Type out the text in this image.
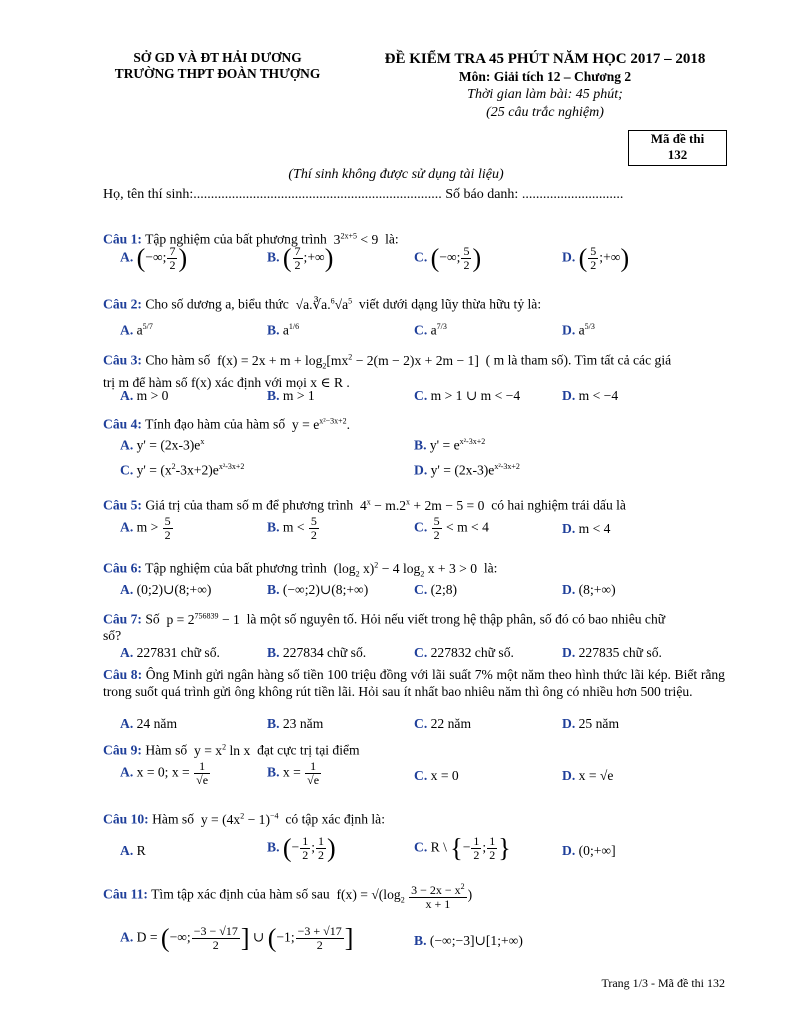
SỞ GD VÀ ĐT HẢI DƯƠNG
TRƯỜNG THPT ĐOÀN THƯỢNG
ĐỀ KIỂM TRA 45 PHÚT NĂM HỌC 2017 – 2018
Môn: Giải tích 12 – Chương 2
Thời gian làm bài: 45 phút;
(25 câu trắc nghiệm)
Mã đề thi
132
(Thí sinh không được sử dụng tài liệu)
Họ, tên thí sinh:....................................................................... Số báo danh: .............................
Câu 1: Tập nghiệm của bất phương trình  $3^{2x+5} < 9$  là:
A. (−∞; $\frac{7}{2}$ )	B. ( $\frac{7}{2}$ ;+∞)	C. (−∞; $\frac{5}{2}$ )	D. ( $\frac{5}{2}$ ;+∞)
Câu 2: Cho số dương a, biểu thức  $√a.∛a.^6√a^5$ viết dưới dạng lũy thừa hữu tỷ là:
A. $a^{5/7}$	B. $a^{1/6}$	C. $a^{7/3}$	D. $a^{5/3}$
Câu 3: Cho hàm số  $f(x) = 2x + m + \log_2[mx^2 - 2(m - 2)x + 2m - 1]$  ( m là tham số). Tìm tất cả các giá
trị m để hàm số f(x) xác định với mọi x ∈ R .
A. m > 0	B. m > 1	C. m > 1 ∪ m < −4	D. m < −4
Câu 4: Tính đạo hàm của hàm số  $y = e^{x^2-3x+2}$.
A. $y' = (2x-3)e^x$	B. $y' = e^{x^2-3x+2}$
C. $y' = (x^2-3x+2)e^{x^2-3x+2}$	D. $y' = (2x-3)e^{x^2-3x+2}$
Câu 5: Giá trị của tham số m để phương trình  $4^x - m.2^x + 2m - 5 = 0$  có hai nghiệm trái dấu là
A. $m > \frac{5}{2}$	B. $m < \frac{5}{2}$	C. $\frac{5}{2} < m < 4$	D. m < 4
Câu 6: Tập nghiệm của bất phương trình  ($\log_2$ x)$^2$ − 4 $\log_2 x + 3 > 0$  là:
A. (0;2)∪(8;+∞)	B. (−∞;2)∪(8;+∞)	C. (2;8)	D. (8;+∞)
Câu 7: Số  $p = 2^{756839} - 1$  là một số nguyên tố. Hỏi nếu viết trong hệ thập phân, số đó có bao nhiêu chữ
số?
A. 227831 chữ số.	B. 227834 chữ số.	C. 227832 chữ số.	D. 227835 chữ số.
Câu 8: Ông Minh gửi ngân hàng số tiền 100 triệu đồng với lãi suất 7% một năm theo hình thức lãi kép. Biết rằng trong suốt quá trình gửi ông không rút tiền lãi. Hỏi sau ít nhất bao nhiêu năm thì ông có nhiều hơn 500 triệu.
A. 24 năm	B. 23 năm	C. 22 năm	D. 25 năm
Câu 9: Hàm số  $y = x^2$ ln x  đạt cực trị tại điểm
A. x = 0; $x = \frac{1}{√e}$	B. $x = \frac{1}{√e}$	C. x = 0	D. x = √e
Câu 10: Hàm số  $y = (4x^2 - 1)^{-4}$ có tập xác định là:
A. R	B. (− $\frac{1}{2}$ ; $\frac{1}{2}$ )	C. R \ {− $\frac{1}{2}$ ; $\frac{1}{2}$ }	D. (0;+∞]
Câu 11: Tìm tập xác định của hàm số sau  $f(x) = √(\log_2 \frac{3 - 2x - x^2}{x + 1}$ )
A. D = (−∞; $\frac{-3 - √17}{2}$ ] ∪ (−1; $\frac{-3 + √17}{2}$ ]	B. (−∞;−3]∪[1;+∞)
Trang 1/3 - Mã đề thi 132
